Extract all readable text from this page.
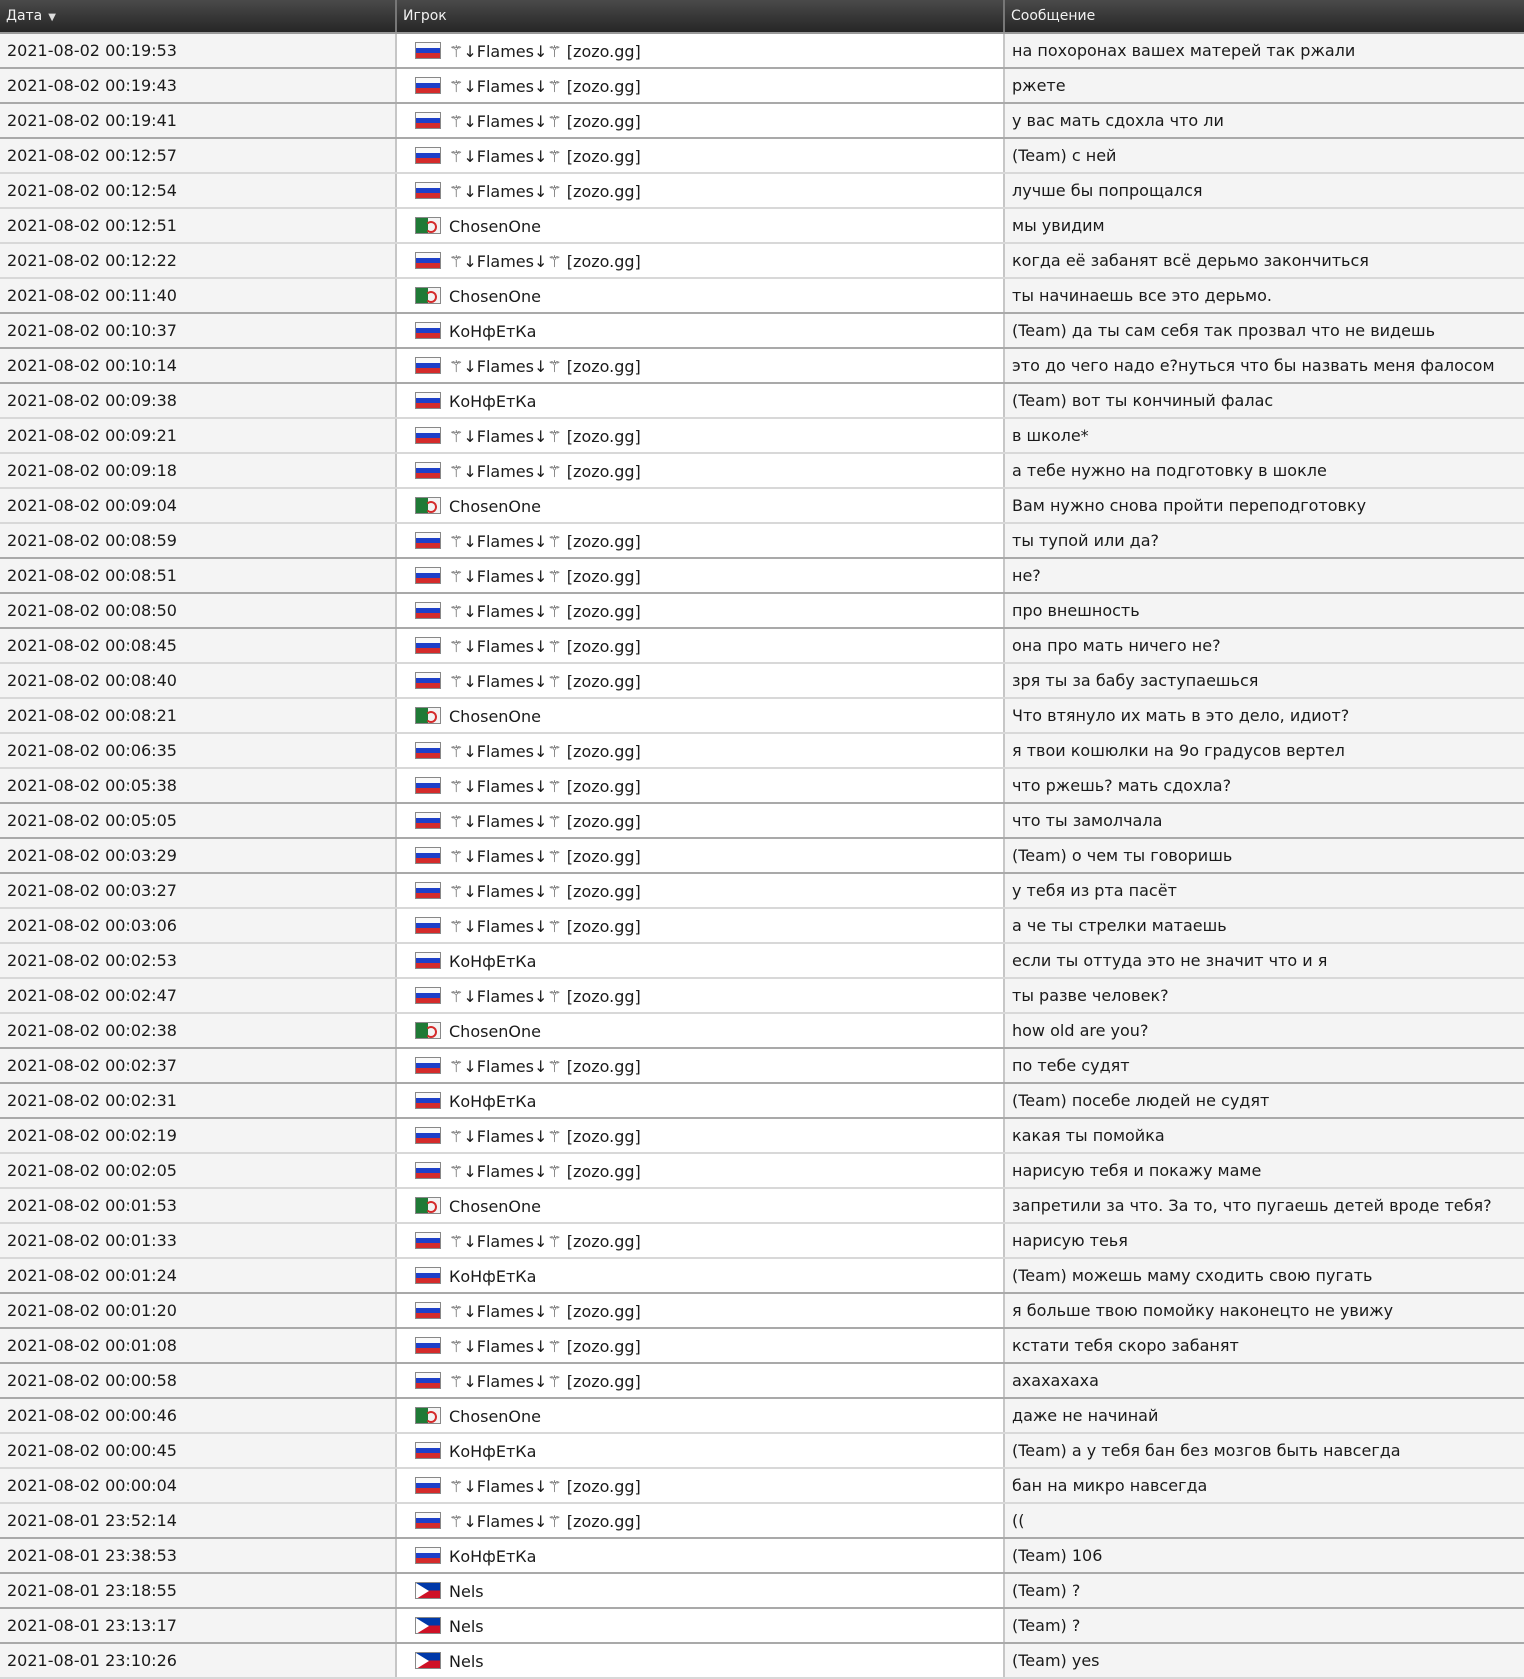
Дата ▼	Игрок	Сообщение
2021-08-02 00:19:53	⚚↓Flames↓⚚ [zozo.gg]	на похоронах вашех матерей так ржали
2021-08-02 00:19:43	⚚↓Flames↓⚚ [zozo.gg]	ржете
2021-08-02 00:19:41	⚚↓Flames↓⚚ [zozo.gg]	у вас мать сдохла что ли
2021-08-02 00:12:57	⚚↓Flames↓⚚ [zozo.gg]	(Team) с ней
2021-08-02 00:12:54	⚚↓Flames↓⚚ [zozo.gg]	лучше бы попрощался
2021-08-02 00:12:51	ChosenOne	мы увидим
2021-08-02 00:12:22	⚚↓Flames↓⚚ [zozo.gg]	когда её забанят всё дерьмо закончиться
2021-08-02 00:11:40	ChosenOne	ты начинаешь все это дерьмо.
2021-08-02 00:10:37	КоНфЕтКа	(Team) да ты сам себя так прозвал что не видешь
2021-08-02 00:10:14	⚚↓Flames↓⚚ [zozo.gg]	это до чего надо е?нуться что бы назвать меня фалосом
2021-08-02 00:09:38	КоНфЕтКа	(Team) вот ты кончиный фалас
2021-08-02 00:09:21	⚚↓Flames↓⚚ [zozo.gg]	в школе*
2021-08-02 00:09:18	⚚↓Flames↓⚚ [zozo.gg]	а тебе нужно на подготовку в шокле
2021-08-02 00:09:04	ChosenOne	Вам нужно снова пройти переподготовку
2021-08-02 00:08:59	⚚↓Flames↓⚚ [zozo.gg]	ты тупой или да?
2021-08-02 00:08:51	⚚↓Flames↓⚚ [zozo.gg]	не?
2021-08-02 00:08:50	⚚↓Flames↓⚚ [zozo.gg]	про внешность
2021-08-02 00:08:45	⚚↓Flames↓⚚ [zozo.gg]	она про мать ничего не?
2021-08-02 00:08:40	⚚↓Flames↓⚚ [zozo.gg]	зря ты за бабу заступаешься
2021-08-02 00:08:21	ChosenOne	Что втянуло их мать в это дело, идиот?
2021-08-02 00:06:35	⚚↓Flames↓⚚ [zozo.gg]	я твои кошюлки на 9о градусов вертел
2021-08-02 00:05:38	⚚↓Flames↓⚚ [zozo.gg]	что ржешь? мать сдохла?
2021-08-02 00:05:05	⚚↓Flames↓⚚ [zozo.gg]	что ты замолчала
2021-08-02 00:03:29	⚚↓Flames↓⚚ [zozo.gg]	(Team) о чем ты говоришь
2021-08-02 00:03:27	⚚↓Flames↓⚚ [zozo.gg]	у тебя из рта пасёт
2021-08-02 00:03:06	⚚↓Flames↓⚚ [zozo.gg]	а че ты стрелки матаешь
2021-08-02 00:02:53	КоНфЕтКа	если ты оттуда это не значит что и я
2021-08-02 00:02:47	⚚↓Flames↓⚚ [zozo.gg]	ты разве человек?
2021-08-02 00:02:38	ChosenOne	how old are you?
2021-08-02 00:02:37	⚚↓Flames↓⚚ [zozo.gg]	по тебе судят
2021-08-02 00:02:31	КоНфЕтКа	(Team) посебе людей не судят
2021-08-02 00:02:19	⚚↓Flames↓⚚ [zozo.gg]	какая ты помойка
2021-08-02 00:02:05	⚚↓Flames↓⚚ [zozo.gg]	нарисую тебя и покажу маме
2021-08-02 00:01:53	ChosenOne	запретили за что. За то, что пугаешь детей вроде тебя?
2021-08-02 00:01:33	⚚↓Flames↓⚚ [zozo.gg]	нарисую теья
2021-08-02 00:01:24	КоНфЕтКа	(Team) можешь маму сходить свою пугать
2021-08-02 00:01:20	⚚↓Flames↓⚚ [zozo.gg]	я больше твою помойку наконецто не увижу
2021-08-02 00:01:08	⚚↓Flames↓⚚ [zozo.gg]	кстати тебя скоро забанят
2021-08-02 00:00:58	⚚↓Flames↓⚚ [zozo.gg]	ахахахаха
2021-08-02 00:00:46	ChosenOne	даже не начинай
2021-08-02 00:00:45	КоНфЕтКа	(Team) а у тебя бан без мозгов быть навсегда
2021-08-02 00:00:04	⚚↓Flames↓⚚ [zozo.gg]	бан на микро навсегда
2021-08-01 23:52:14	⚚↓Flames↓⚚ [zozo.gg]	((
2021-08-01 23:38:53	КоНфЕтКа	(Team) 106
2021-08-01 23:18:55	Nels	(Team) ?
2021-08-01 23:13:17	Nels	(Team) ?
2021-08-01 23:10:26	Nels	(Team) yes
